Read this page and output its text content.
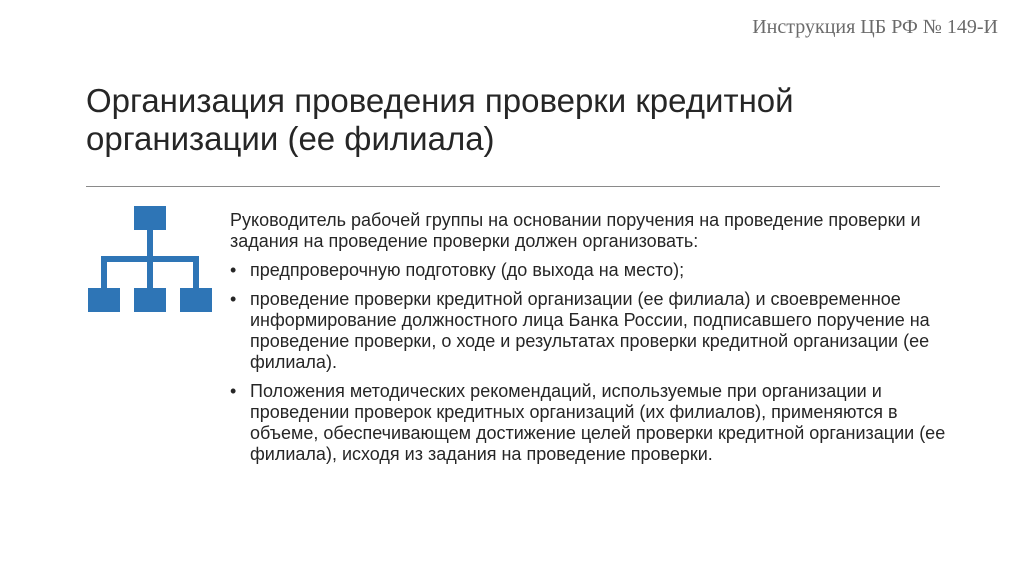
Инструкция ЦБ РФ № 149-И
Организация проведения проверки кредитной организации (ее филиала)

Руководитель рабочей группы на основании поручения на проведение проверки и задания на проведение проверки должен организовать:

• предпроверочную подготовку (до выхода на место);
• проведение проверки кредитной организации (ее филиала) и своевременное информирование должностного лица Банка России, подписавшего поручение на проведение проверки, о ходе и результатах проверки кредитной организации (ее филиала).
• Положения методических рекомендаций, используемые при организации и проведении проверок кредитных организаций (их филиалов), применяются в объеме, обеспечивающем достижение целей проверки кредитной организации (ее филиала), исходя из задания на проведение проверки.
